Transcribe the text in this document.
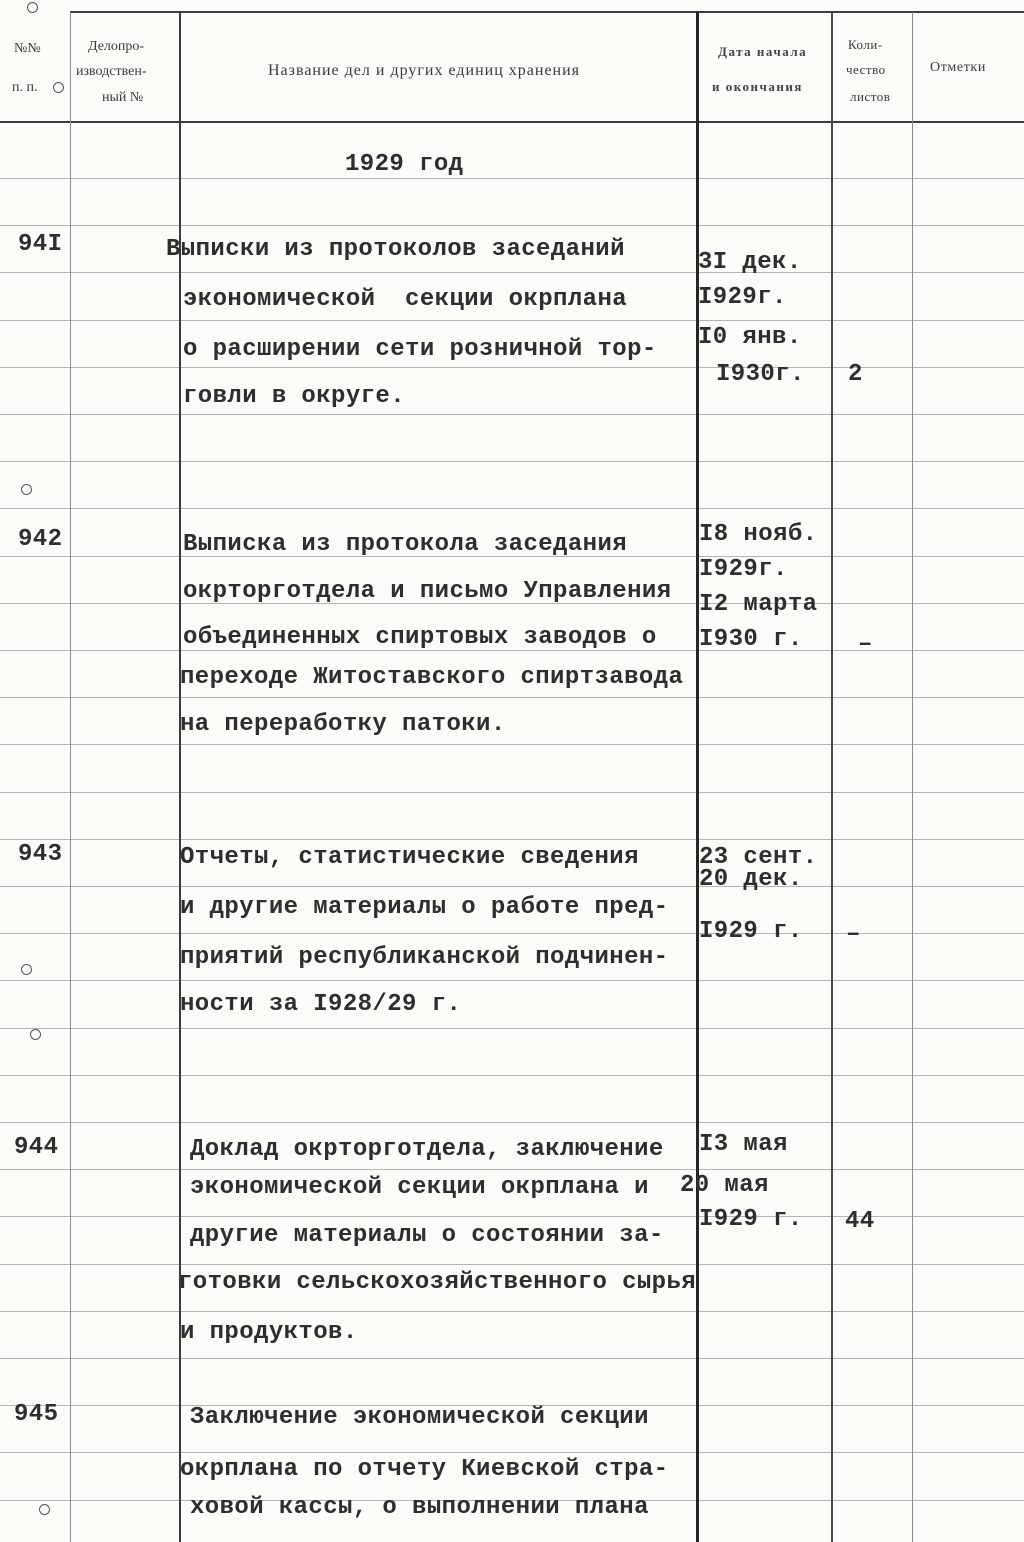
№№
п. п.
Делопро-
изводствен-
ный №
Название дел и других единиц хранения
Дата начала
и окончания
Коли-
чество
листов
Отметки
1929 год
94I	Выписки из протоколов заседаний
экономической  секции окрплана
о расширении сети розничной тор-
говли в округе.
3I дек.
I929г.
I0 янв.
I930г. 2
942	Выписка из протокола заседания
окрторготдела и письмо Управления
объединенных спиртовых заводов о
переходе Житоставского спиртзавода
на переработку патоки.
I8 нояб.
I929г.
I2 марта
I930 г. –
943	Отчеты, статистические сведения
и другие материалы о работе пред-
приятий республиканской подчинен-
ности за I928/29 г.
23 сент.
20 дек.
I929 г. –
944	Доклад окрторготдела, заключение
экономической секции окрплана и
другие материалы о состоянии за-
готовки сельскохозяйственного сырья
и продуктов.
I3 мая
20 мая
I929 г. 44
945	Заключение экономической секции
окрплана по отчету Киевской стра-
ховой кассы, о выполнении плана
